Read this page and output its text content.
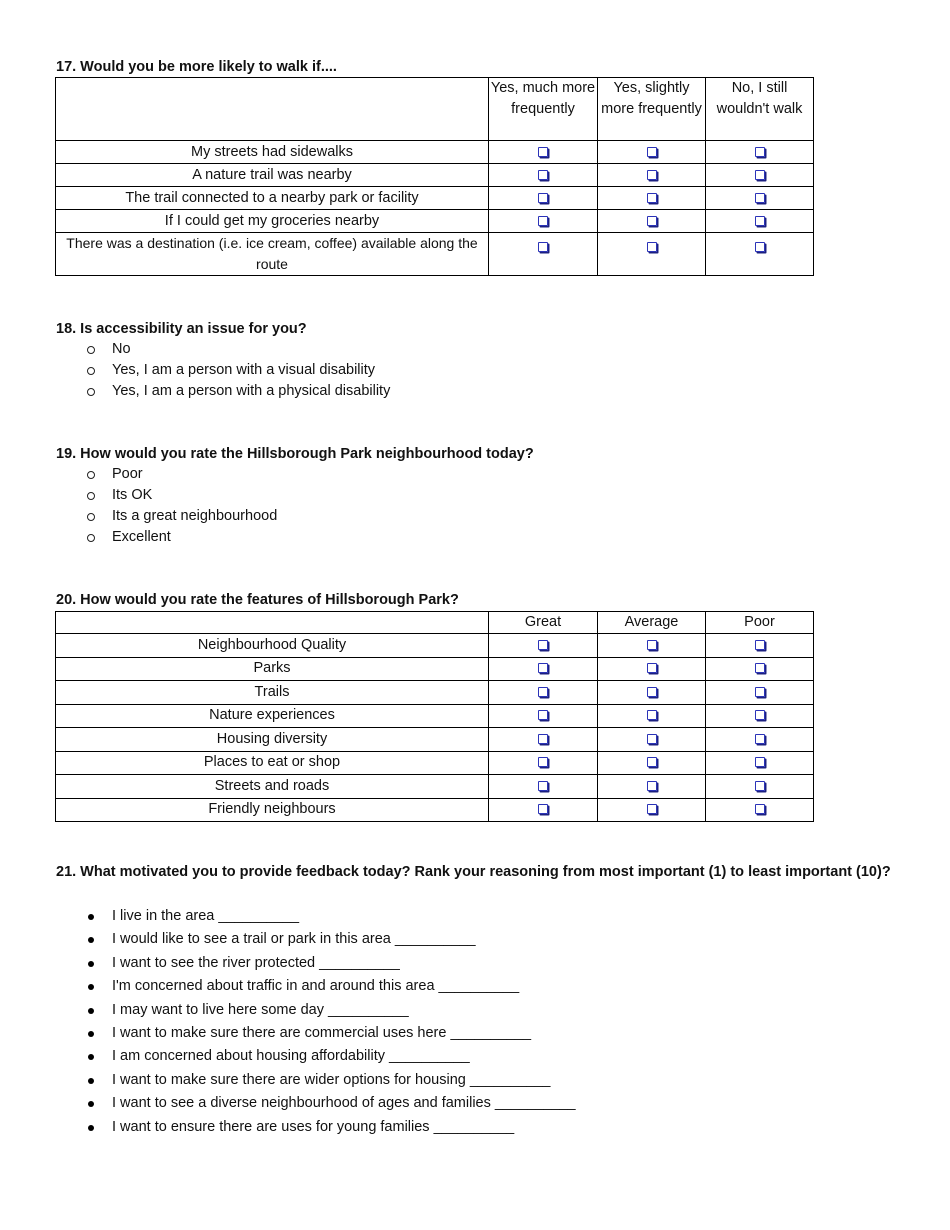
17. Would you be more likely to walk if....
	Yes, much more frequently	Yes, slightly more frequently	No, I still wouldn't walk
My streets had sidewalks			
A nature trail was nearby			
The trail connected to a nearby park or facility			
If I could get my groceries nearby			
There was a destination (i.e. ice cream, coffee) available along the route			
18. Is accessibility an issue for you?
No
Yes, I am a person with a visual disability
Yes, I am a person with a physical disability
19. How would you rate the Hillsborough Park neighbourhood today?
Poor
Its OK
Its a great neighbourhood
Excellent
20. How would you rate the features of Hillsborough Park?
	Great	Average	Poor
Neighbourhood Quality			
Parks			
Trails			
Nature experiences			
Housing diversity			
Places to eat or shop			
Streets and roads			
Friendly neighbours			
21. What motivated you to provide feedback today? Rank your reasoning from most important (1) to least important (10)?
I live in the area __________
I would like to see a trail or park in this area __________
I want to see the river protected __________
I'm concerned about traffic in and around this area __________
I may want to live here some day __________
I want to make sure there are commercial uses here __________
I am concerned about housing affordability __________
I want to make sure there are wider options for housing __________
I want to see a diverse neighbourhood of ages and families __________
I want to ensure there are uses for young families __________
